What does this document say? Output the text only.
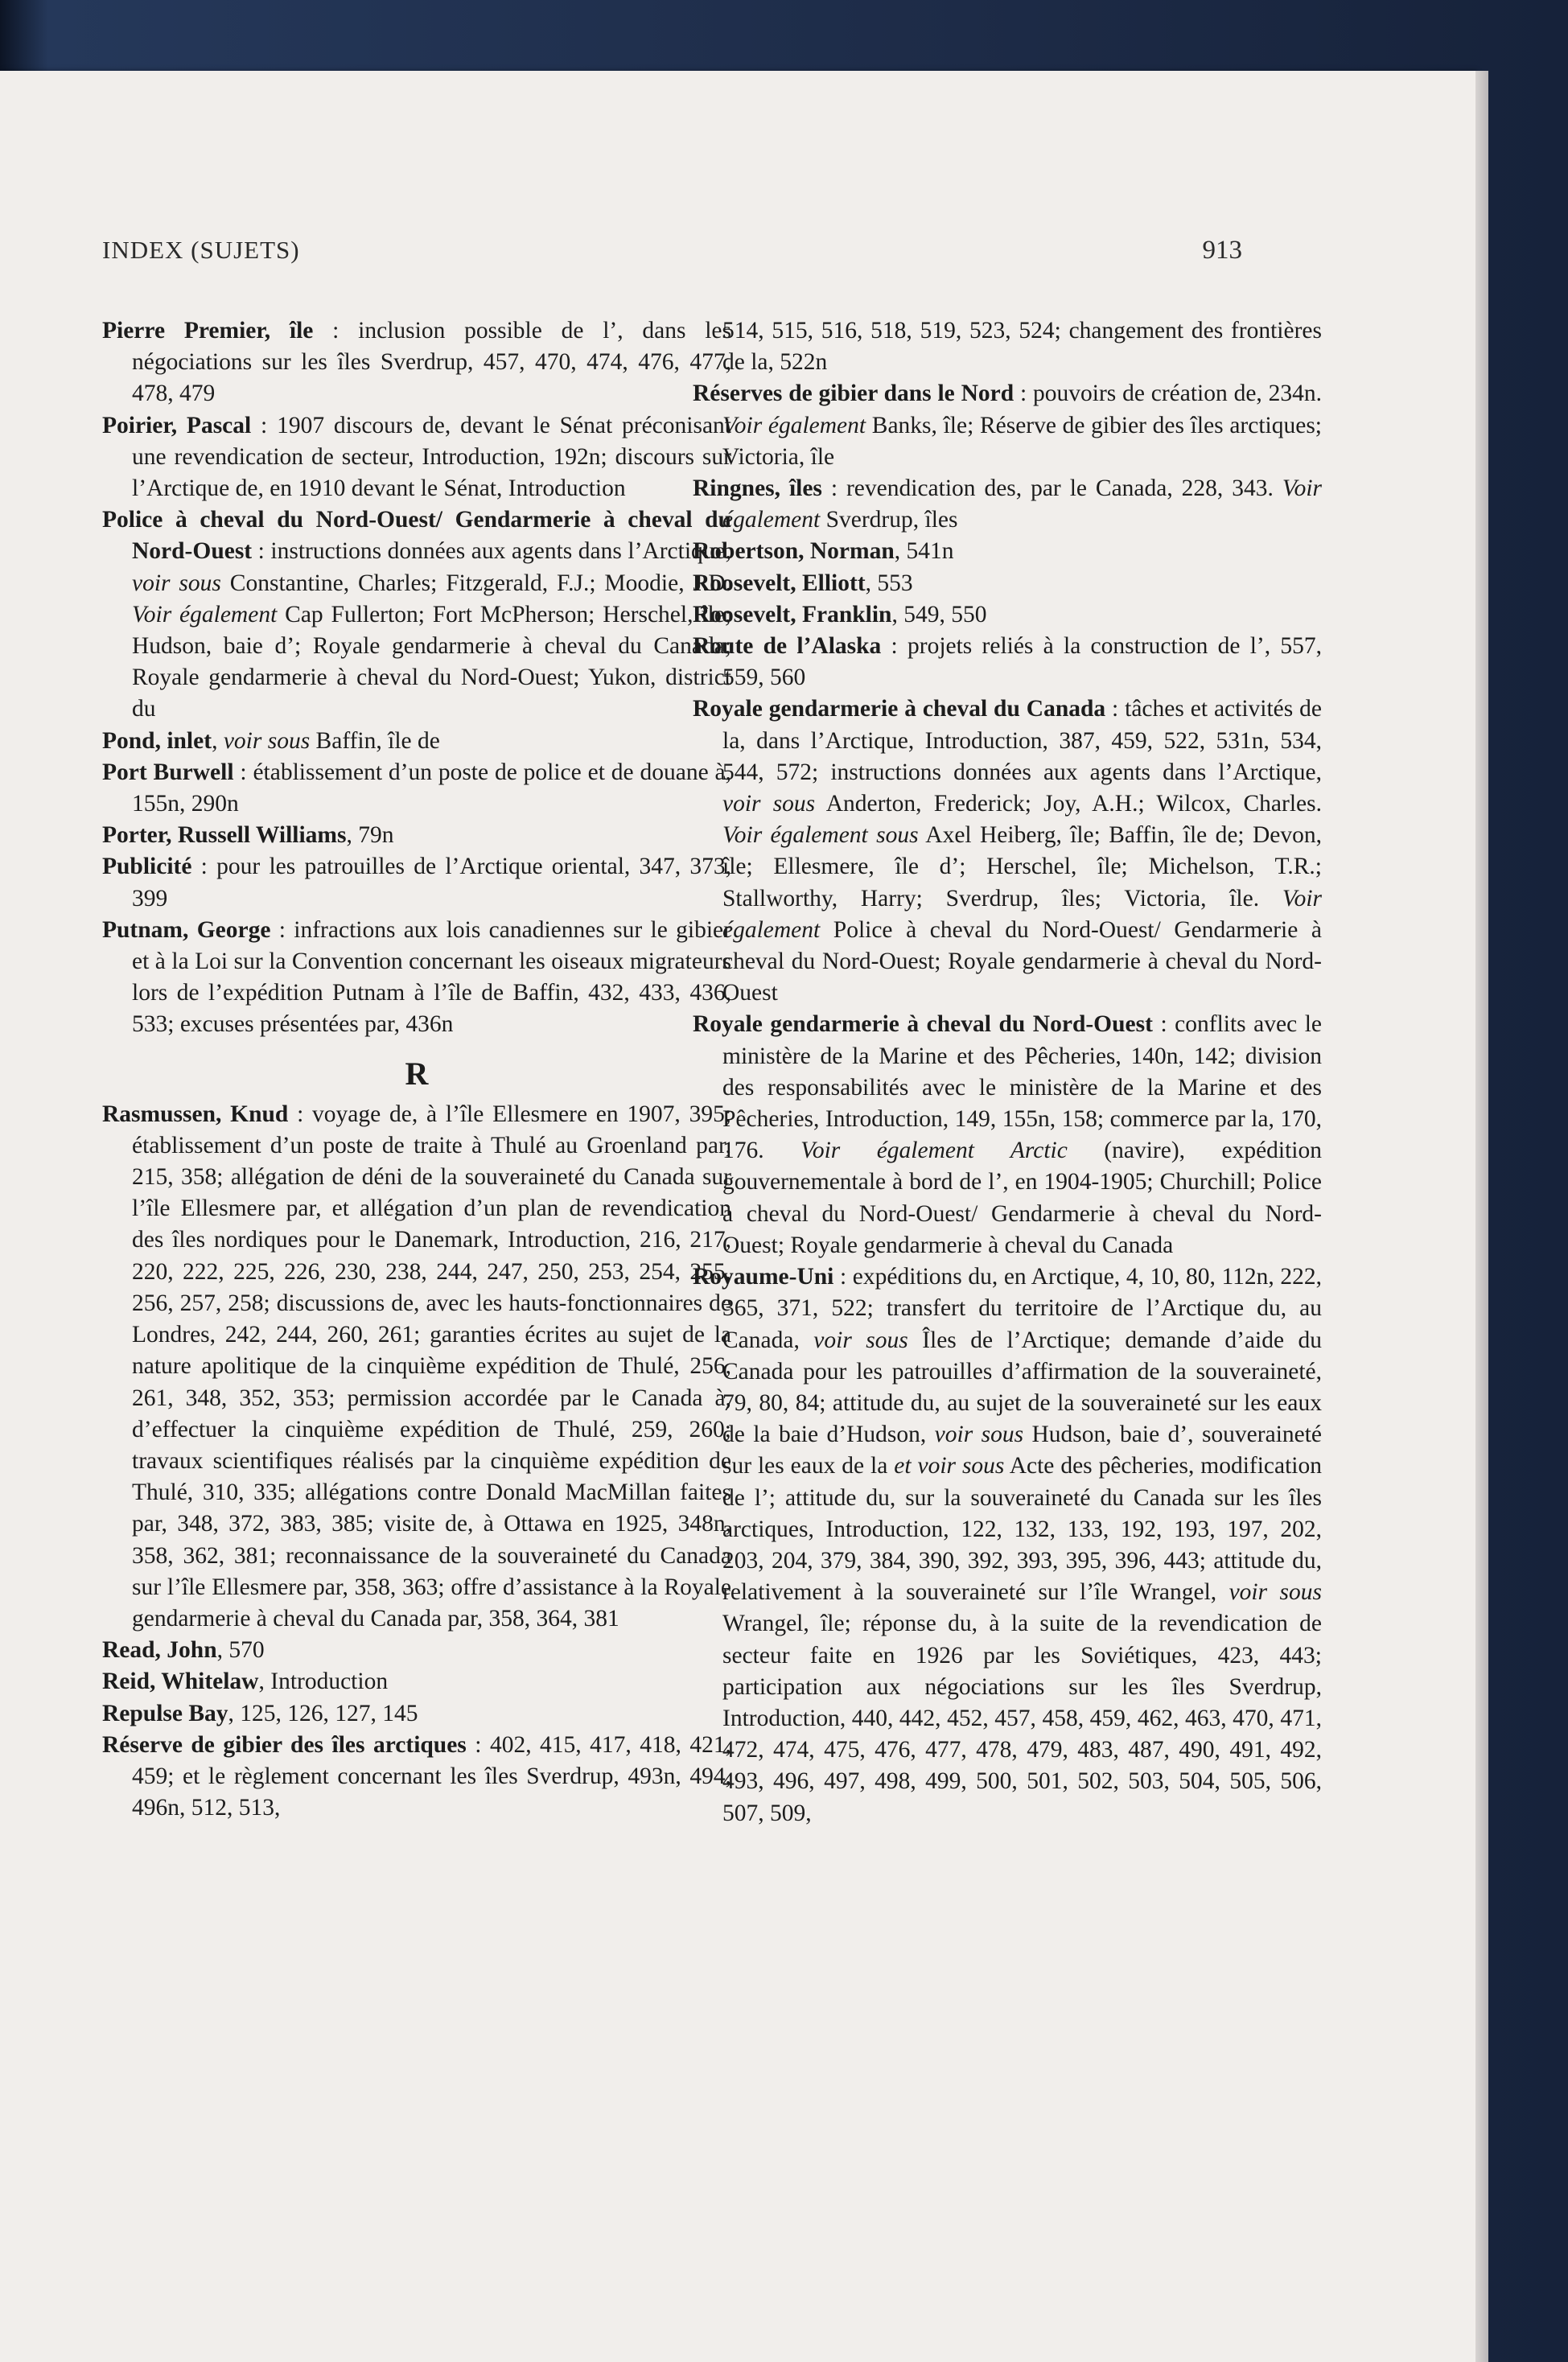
INDEX (SUJETS)	913

Pierre Premier, île : inclusion possible de l’, dans les négociations sur les îles Sverdrup, 457, 470, 474, 476, 477, 478, 479

Poirier, Pascal : 1907 discours de, devant le Sénat préconisant une revendication de secteur, Introduction, 192n; discours sur l’Arctique de, en 1910 devant le Sénat, Introduction

Police à cheval du Nord-Ouest/ Gendarmerie à cheval du Nord-Ouest : instructions données aux agents dans l’Arctique, voir sous Constantine, Charles; Fitzgerald, F.J.; Moodie, J.D. Voir également Cap Fullerton; Fort McPherson; Herschel, île; Hudson, baie d’; Royale gendarmerie à cheval du Canada; Royale gendarmerie à cheval du Nord-Ouest; Yukon, district du

Pond, inlet, voir sous Baffin, île de

Port Burwell : établissement d’un poste de police et de douane à, 155n, 290n

Porter, Russell Williams, 79n

Publicité : pour les patrouilles de l’Arctique oriental, 347, 373, 399

Putnam, George : infractions aux lois canadiennes sur le gibier et à la Loi sur la Convention concernant les oiseaux migrateurs lors de l’expédition Putnam à l’île de Baffin, 432, 433, 436, 533; excuses présentées par, 436n

R

Rasmussen, Knud : voyage de, à l’île Ellesmere en 1907, 395; établissement d’un poste de traite à Thulé au Groenland par, 215, 358; allégation de déni de la souveraineté du Canada sur l’île Ellesmere par, et allégation d’un plan de revendication des îles nordiques pour le Danemark, Introduction, 216, 217, 220, 222, 225, 226, 230, 238, 244, 247, 250, 253, 254, 255, 256, 257, 258; discussions de, avec les hauts-fonctionnaires de Londres, 242, 244, 260, 261; garanties écrites au sujet de la nature apolitique de la cinquième expédition de Thulé, 256, 261, 348, 352, 353; permission accordée par le Canada à, d’effectuer la cinquième expédition de Thulé, 259, 260; travaux scientifiques réalisés par la cinquième expédition de Thulé, 310, 335; allégations contre Donald MacMillan faites par, 348, 372, 383, 385; visite de, à Ottawa en 1925, 348n, 358, 362, 381; reconnaissance de la souveraineté du Canada sur l’île Ellesmere par, 358, 363; offre d’assistance à la Royale gendarmerie à cheval du Canada par, 358, 364, 381

Read, John, 570

Reid, Whitelaw, Introduction

Repulse Bay, 125, 126, 127, 145

Réserve de gibier des îles arctiques : 402, 415, 417, 418, 421, 459; et le règlement concernant les îles Sverdrup, 493n, 494, 496n, 512, 513,

514, 515, 516, 518, 519, 523, 524; changement des frontières de la, 522n

Réserves de gibier dans le Nord : pouvoirs de création de, 234n. Voir également Banks, île; Réserve de gibier des îles arctiques; Victoria, île

Ringnes, îles : revendication des, par le Canada, 228, 343. Voir également Sverdrup, îles

Robertson, Norman, 541n

Roosevelt, Elliott, 553

Roosevelt, Franklin, 549, 550

Route de l’Alaska : projets reliés à la construction de l’, 557, 559, 560

Royale gendarmerie à cheval du Canada : tâches et activités de la, dans l’Arctique, Introduction, 387, 459, 522, 531n, 534, 544, 572; instructions données aux agents dans l’Arctique, voir sous Anderton, Frederick; Joy, A.H.; Wilcox, Charles. Voir également sous Axel Heiberg, île; Baffin, île de; Devon, île; Ellesmere, île d’; Herschel, île; Michelson, T.R.; Stallworthy, Harry; Sverdrup, îles; Victoria, île. Voir également Police à cheval du Nord-Ouest/ Gendarmerie à cheval du Nord-Ouest; Royale gendarmerie à cheval du Nord-Ouest

Royale gendarmerie à cheval du Nord-Ouest : conflits avec le ministère de la Marine et des Pêcheries, 140n, 142; division des responsabilités avec le ministère de la Marine et des Pêcheries, Introduction, 149, 155n, 158; commerce par la, 170, 176. Voir également Arctic (navire), expédition gouvernementale à bord de l’, en 1904-1905; Churchill; Police à cheval du Nord-Ouest/ Gendarmerie à cheval du Nord-Ouest; Royale gendarmerie à cheval du Canada

Royaume-Uni : expéditions du, en Arctique, 4, 10, 80, 112n, 222, 365, 371, 522; transfert du territoire de l’Arctique du, au Canada, voir sous Îles de l’Arctique; demande d’aide du Canada pour les patrouilles d’affirmation de la souveraineté, 79, 80, 84; attitude du, au sujet de la souveraineté sur les eaux de la baie d’Hudson, voir sous Hudson, baie d’, souveraineté sur les eaux de la et voir sous Acte des pêcheries, modification de l’; attitude du, sur la souveraineté du Canada sur les îles arctiques, Introduction, 122, 132, 133, 192, 193, 197, 202, 203, 204, 379, 384, 390, 392, 393, 395, 396, 443; attitude du, relativement à la souveraineté sur l’île Wrangel, voir sous Wrangel, île; réponse du, à la suite de la revendication de secteur faite en 1926 par les Soviétiques, 423, 443; participation aux négociations sur les îles Sverdrup, Introduction, 440, 442, 452, 457, 458, 459, 462, 463, 470, 471, 472, 474, 475, 476, 477, 478, 479, 483, 487, 490, 491, 492, 493, 496, 497, 498, 499, 500, 501, 502, 503, 504, 505, 506, 507, 509,
